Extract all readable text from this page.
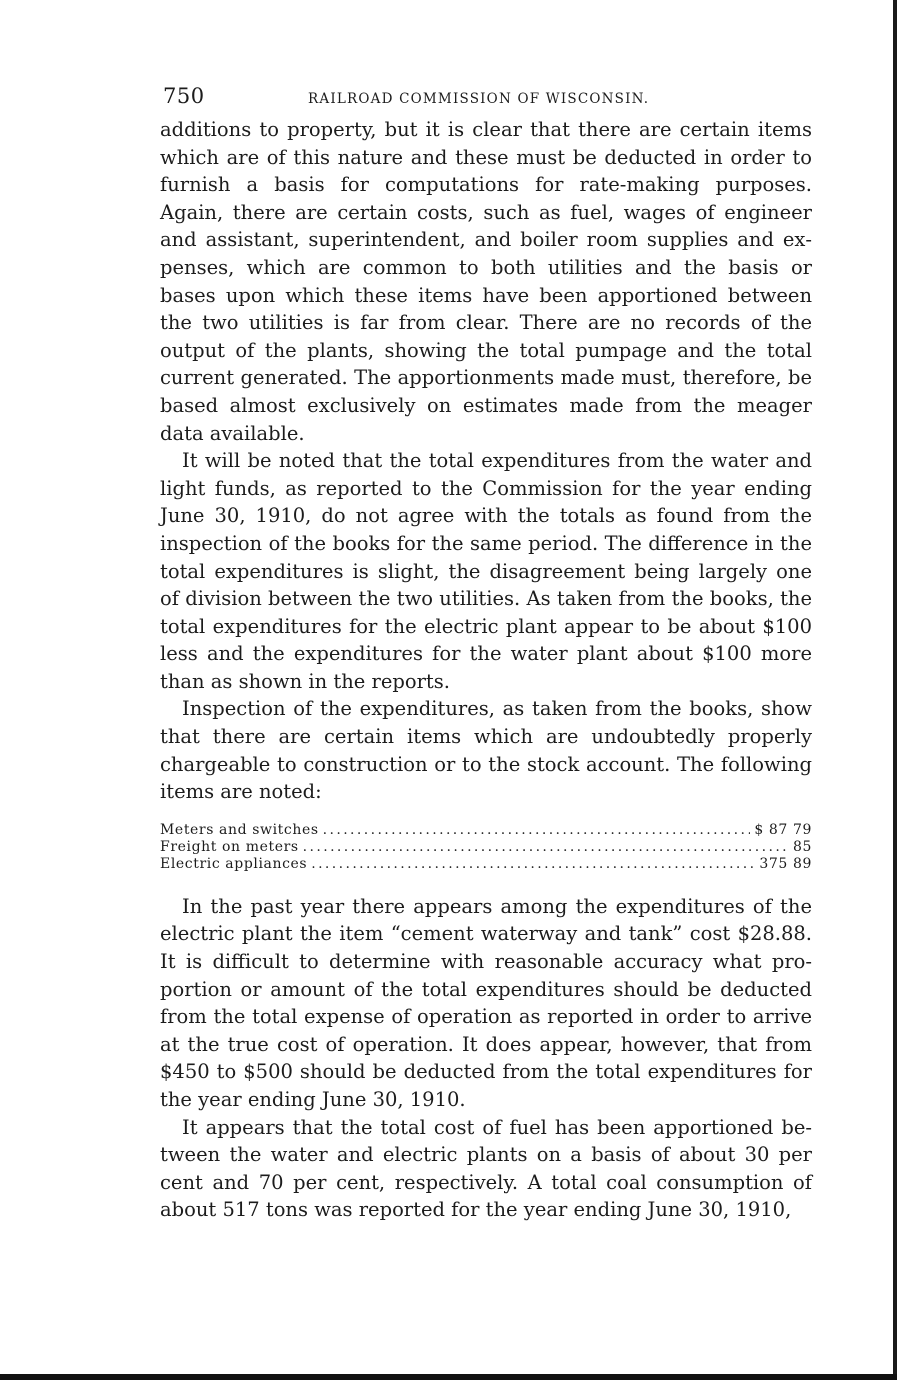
750	RAILROAD COMMISSION OF WISCONSIN.

additions to property, but it is clear that there are certain items which are of this nature and these must be deducted in order to furnish a basis for computations for rate-making purposes. Again, there are certain costs, such as fuel, wages of engineer and assistant, superintendent, and boiler room supplies and expenses, which are common to both utilities and the basis or bases upon which these items have been apportioned between the two utilities is far from clear. There are no records of the output of the plants, showing the total pumpage and the total current generated. The apportionments made must, therefore, be based almost exclusively on estimates made from the meager data available.

It will be noted that the total expenditures from the water and light funds, as reported to the Commission for the year ending June 30, 1910, do not agree with the totals as found from the inspection of the books for the same period. The difference in the total expenditures is slight, the disagreement being largely one of division between the two utilities. As taken from the books, the total expenditures for the electric plant appear to be about $100 less and the expenditures for the water plant about $100 more than as shown in the reports.

Inspection of the expenditures, as taken from the books, show that there are certain items which are undoubtedly properly chargeable to construction or to the stock account. The following items are noted:

Meters and switches .....	$ 87 79
Freight on meters .....	85
Electric appliances .....	375 89

In the past year there appears among the expenditures of the electric plant the item “cement waterway and tank” cost $28.88. It is difficult to determine with reasonable accuracy what proportion or amount of the total expenditures should be deducted from the total expense of operation as reported in order to arrive at the true cost of operation. It does appear, however, that from $450 to $500 should be deducted from the total expenditures for the year ending June 30, 1910.

It appears that the total cost of fuel has been apportioned between the water and electric plants on a basis of about 30 per cent and 70 per cent, respectively. A total coal consumption of about 517 tons was reported for the year ending June 30, 1910,
